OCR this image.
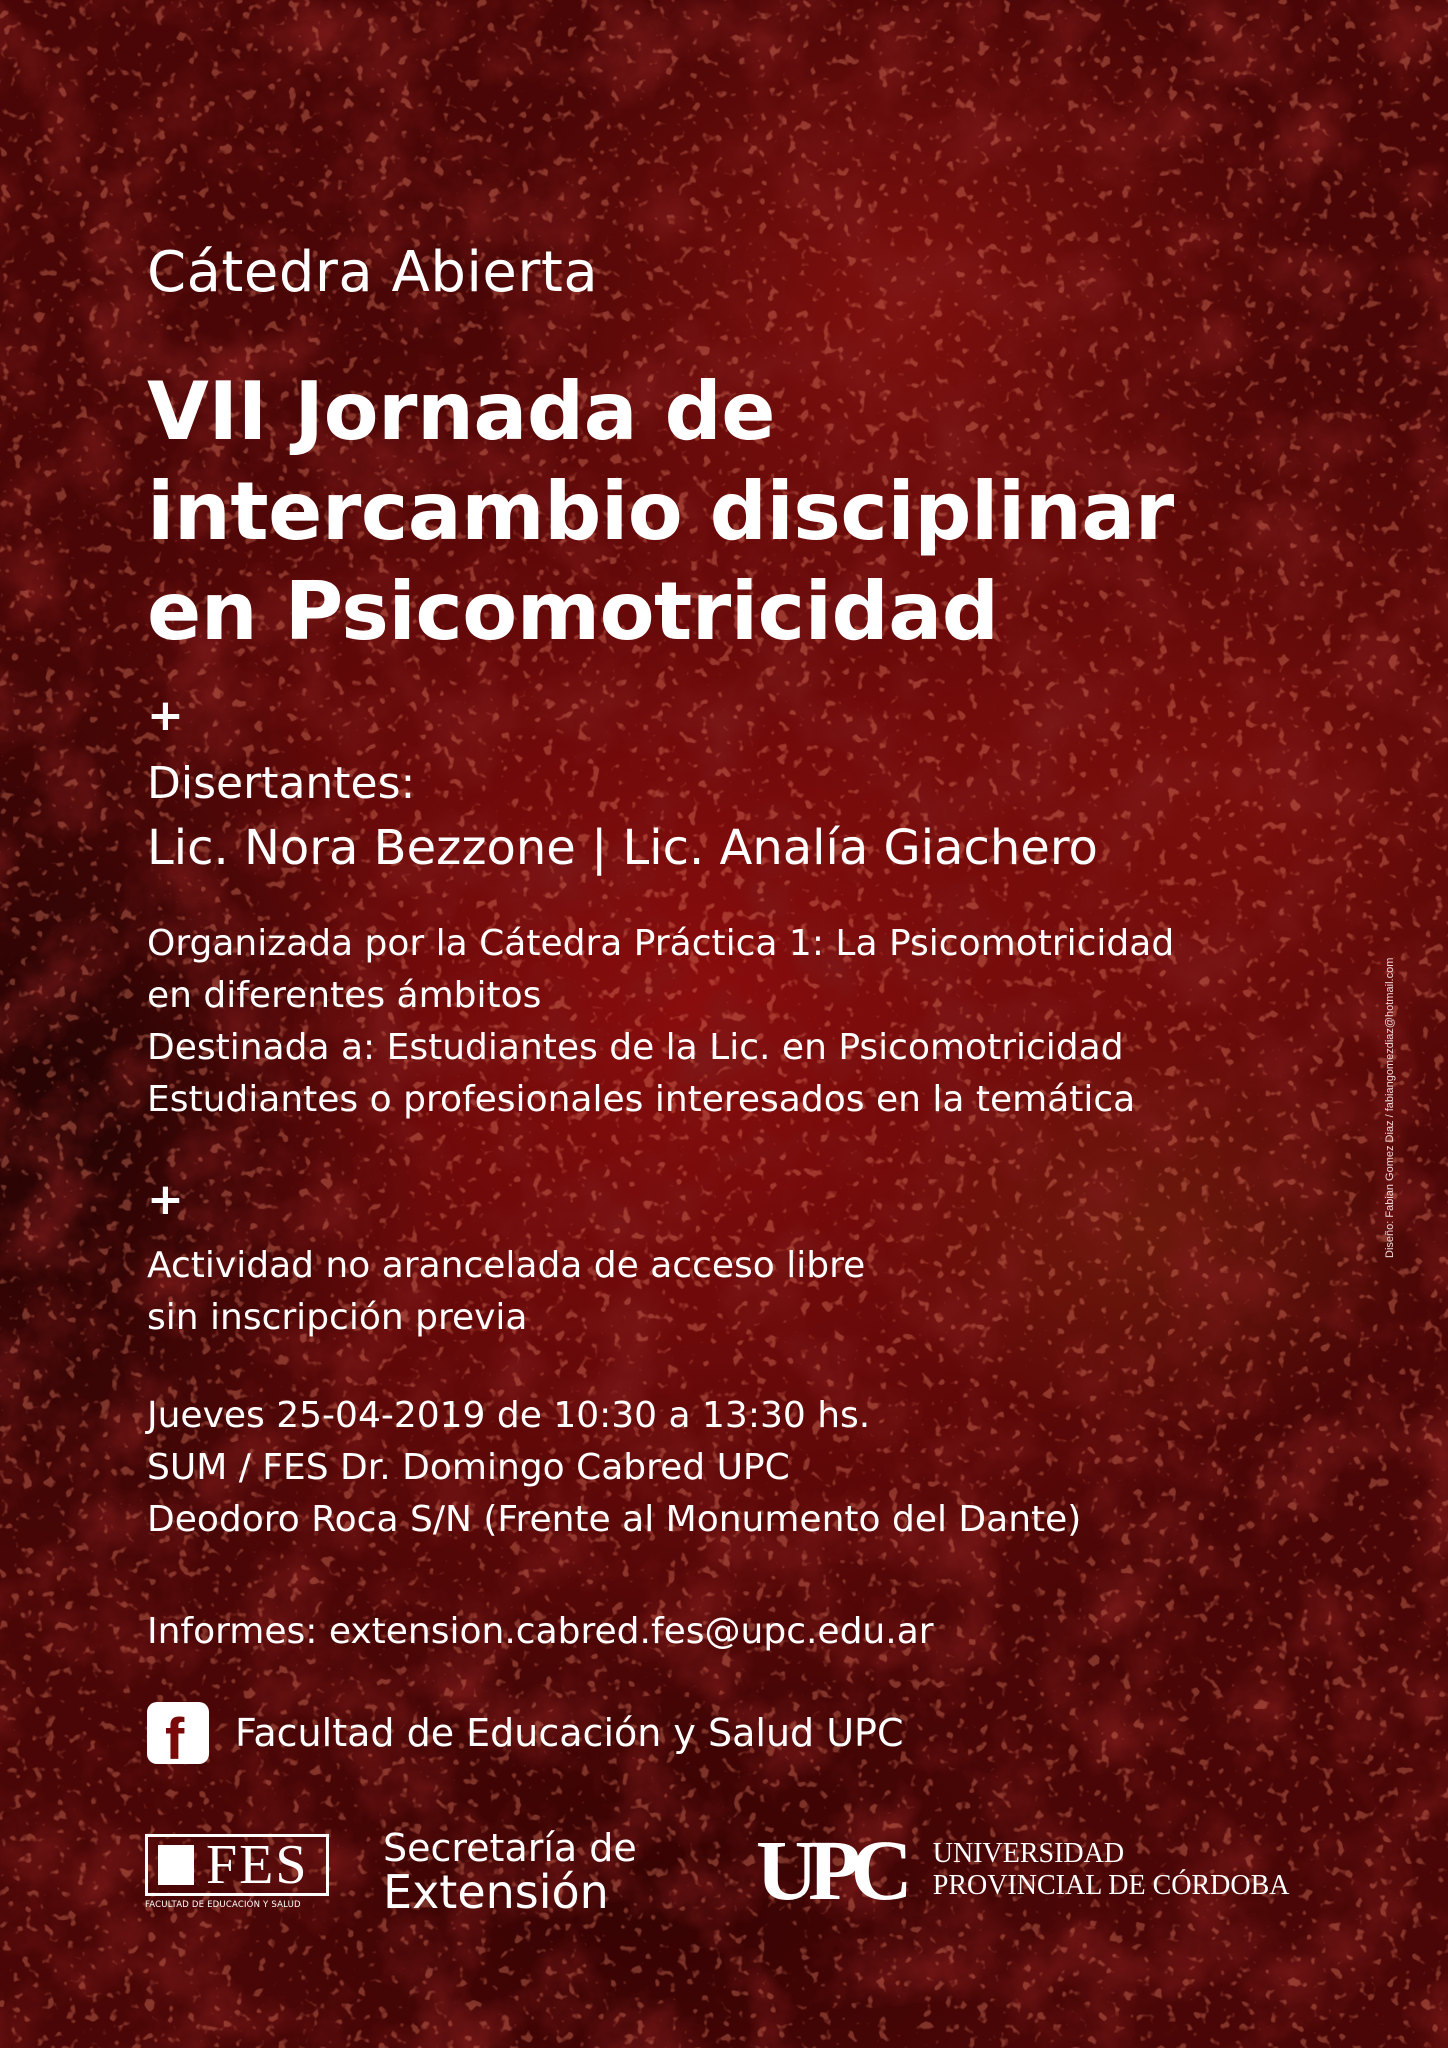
Cátedra Abierta
VII Jornada de
intercambio disciplinar
en Psicomotricidad
+
Disertantes:
Lic. Nora Bezzone | Lic. Analía Giachero
Organizada por la Cátedra Práctica 1: La Psicomotricidad
en diferentes ámbitos
Destinada a: Estudiantes de la Lic. en Psicomotricidad
Estudiantes o profesionales interesados en la temática
+
Actividad no arancelada de acceso libre
sin inscripción previa
Jueves 25-04-2019 de 10:30 a 13:30 hs.
SUM / FES Dr. Domingo Cabred UPC
Deodoro Roca S/N (Frente al Monumento del Dante)
Informes: extension.cabred.fes@upc.edu.ar
f Facultad de Educación y Salud UPC
Diseño: Fabian Gomez Diaz / fabiangomezdiaz@hotmail.com
FES
FACULTAD DE EDUCACIÓN Y SALUD
Secretaría de
Extensión	UPC UNIVERSIDAD
PROVINCIAL DE CÓRDOBA
